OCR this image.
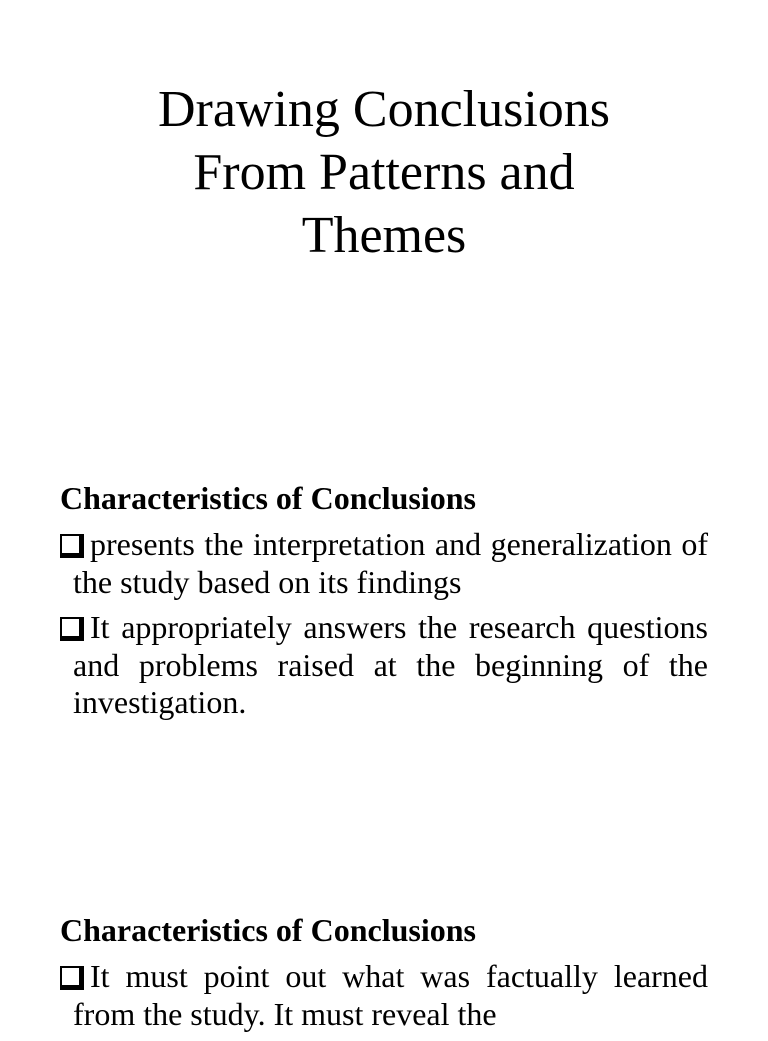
Drawing Conclusions
From Patterns and
Themes
Characteristics of Conclusions
presents the interpretation and generalization of the study based on its findings
It appropriately answers the research questions and problems raised at the beginning of the investigation.
Characteristics of Conclusions
It must point out what was factually learned from the study. It must reveal the
